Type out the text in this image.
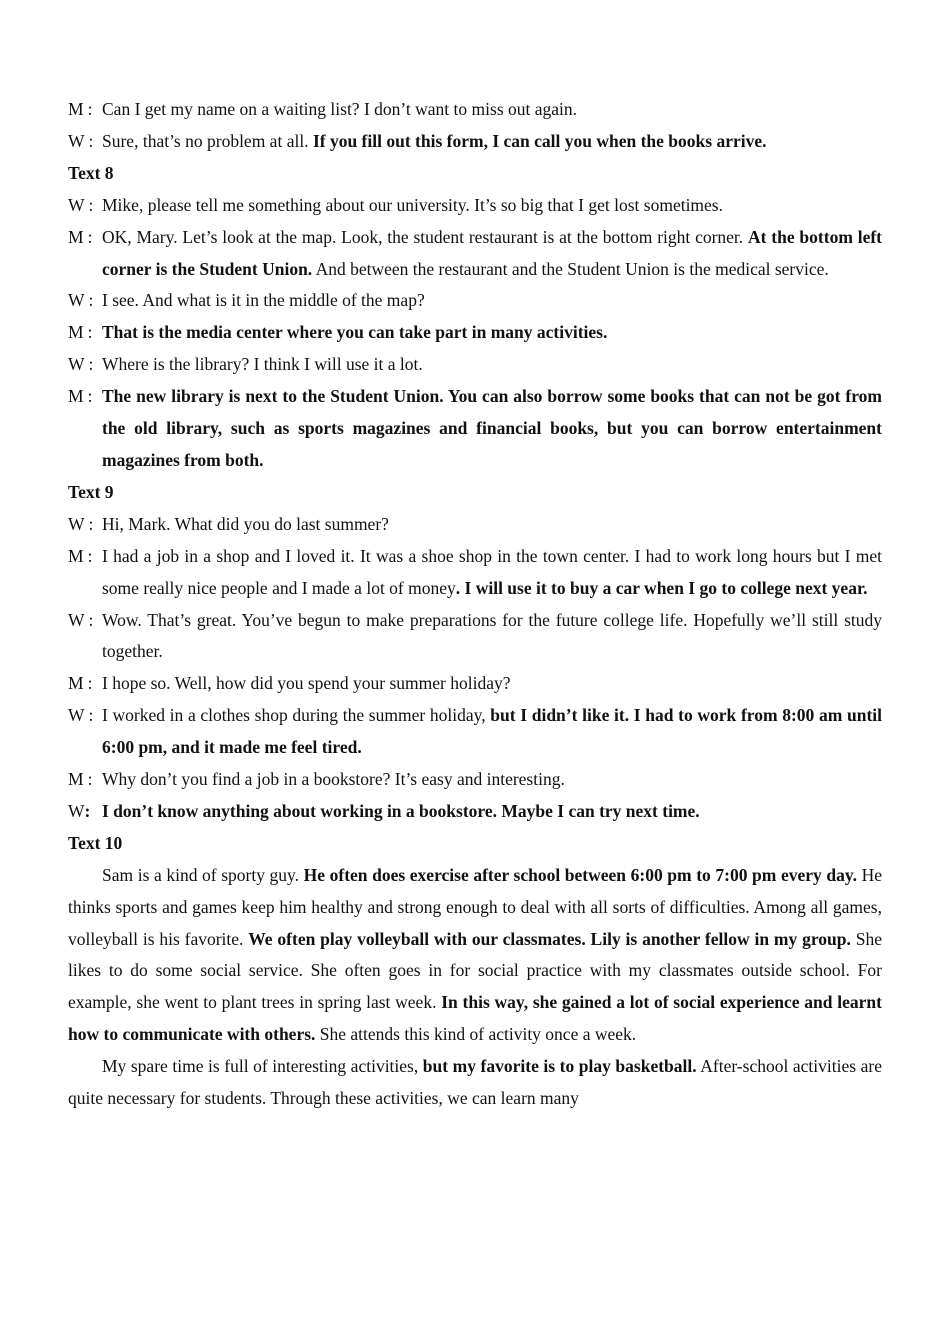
M : Can I get my name on a waiting list? I don’t want to miss out again.
W : Sure, that’s no problem at all. If you fill out this form, I can call you when the books arrive.
Text 8
W : Mike, please tell me something about our university. It’s so big that I get lost sometimes.
M : OK, Mary. Let’s look at the map. Look, the student restaurant is at the bottom right corner. At the bottom left corner is the Student Union. And between the restaurant and the Student Union is the medical service.
W : I see. And what is it in the middle of the map?
M : That is the media center where you can take part in many activities.
W : Where is the library? I think I will use it a lot.
M : The new library is next to the Student Union. You can also borrow some books that can not be got from the old library, such as sports magazines and financial books, but you can borrow entertainment magazines from both.
Text 9
W : Hi, Mark. What did you do last summer?
M : I had a job in a shop and I loved it. It was a shoe shop in the town center. I had to work long hours but I met some really nice people and I made a lot of money. I will use it to buy a car when I go to college next year.
W : Wow. That’s great. You’ve begun to make preparations for the future college life. Hopefully we’ll still study together.
M : I hope so. Well, how did you spend your summer holiday?
W : I worked in a clothes shop during the summer holiday, but I didn’t like it. I had to work from 8:00 am until 6:00 pm, and it made me feel tired.
M : Why don’t you find a job in a bookstore? It’s easy and interesting.
W: I don’t know anything about working in a bookstore. Maybe I can try next time.
Text 10
Sam is a kind of sporty guy. He often does exercise after school between 6:00 pm to 7:00 pm every day. He thinks sports and games keep him healthy and strong enough to deal with all sorts of difficulties. Among all games, volleyball is his favorite. We often play volleyball with our classmates. Lily is another fellow in my group. She likes to do some social service. She often goes in for social practice with my classmates outside school. For example, she went to plant trees in spring last week. In this way, she gained a lot of social experience and learnt how to communicate with others. She attends this kind of activity once a week.
My spare time is full of interesting activities, but my favorite is to play basketball. After-school activities are quite necessary for students. Through these activities, we can learn many
